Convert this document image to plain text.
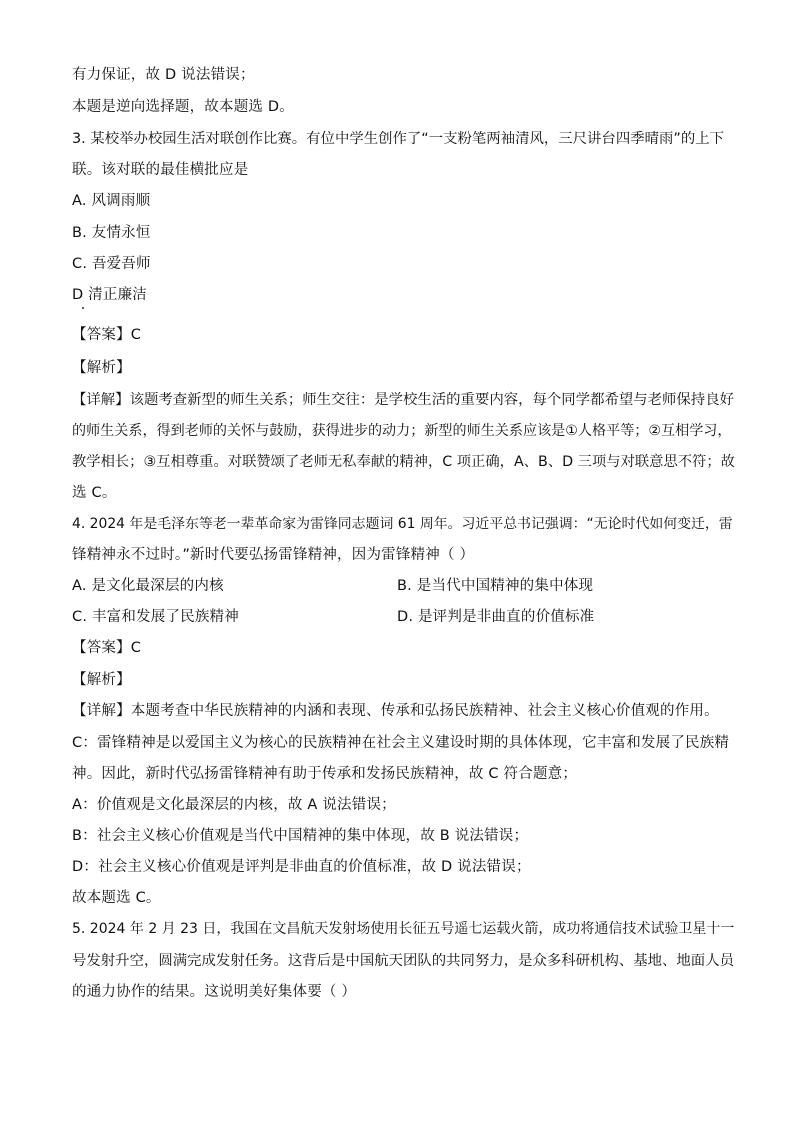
有力保证，故 D 说法错误；
本题是逆向选择题，故本题选 D。
3. 某校举办校园生活对联创作比赛。有位中学生创作了“一支粉笔两袖清风，三尺讲台四季晴雨”的上下
联。该对联的最佳横批应是
A. 风调雨顺
B. 友情永恒
C. 吾爱吾师
D 清正廉洁
【答案】C
【解析】
【详解】该题考查新型的师生关系；师生交往：是学校生活的重要内容，每个同学都希望与老师保持良好
的师生关系，得到老师的关怀与鼓励，获得进步的动力；新型的师生关系应该是①人格平等；②互相学习，
教学相长；③互相尊重。对联赞颂了老师无私奉献的精神，C 项正确，A、B、D 三项与对联意思不符；故
选 C。
4. 2024 年是毛泽东等老一辈革命家为雷锋同志题词 61 周年。习近平总书记强调：“无论时代如何变迁，雷
锋精神永不过时。”新时代要弘扬雷锋精神，因为雷锋精神（ ）
A. 是文化最深层的内核	B. 是当代中国精神的集中体现
C. 丰富和发展了民族精神	D. 是评判是非曲直的价值标准
【答案】C
【解析】
【详解】本题考查中华民族精神的内涵和表现、传承和弘扬民族精神、社会主义核心价值观的作用。
C：雷锋精神是以爱国主义为核心的民族精神在社会主义建设时期的具体体现，它丰富和发展了民族精
神。因此，新时代弘扬雷锋精神有助于传承和发扬民族精神，故 C 符合题意；
A：价值观是文化最深层的内核，故 A 说法错误；
B：社会主义核心价值观是当代中国精神的集中体现，故 B 说法错误；
D：社会主义核心价值观是评判是非曲直的价值标准，故 D 说法错误；
故本题选 C。
5. 2024 年 2 月 23 日，我国在文昌航天发射场使用长征五号遥七运载火箭，成功将通信技术试验卫星十一
号发射升空，圆满完成发射任务。这背后是中国航天团队的共同努力，是众多科研机构、基地、地面人员
的通力协作的结果。这说明美好集体要（ ）
